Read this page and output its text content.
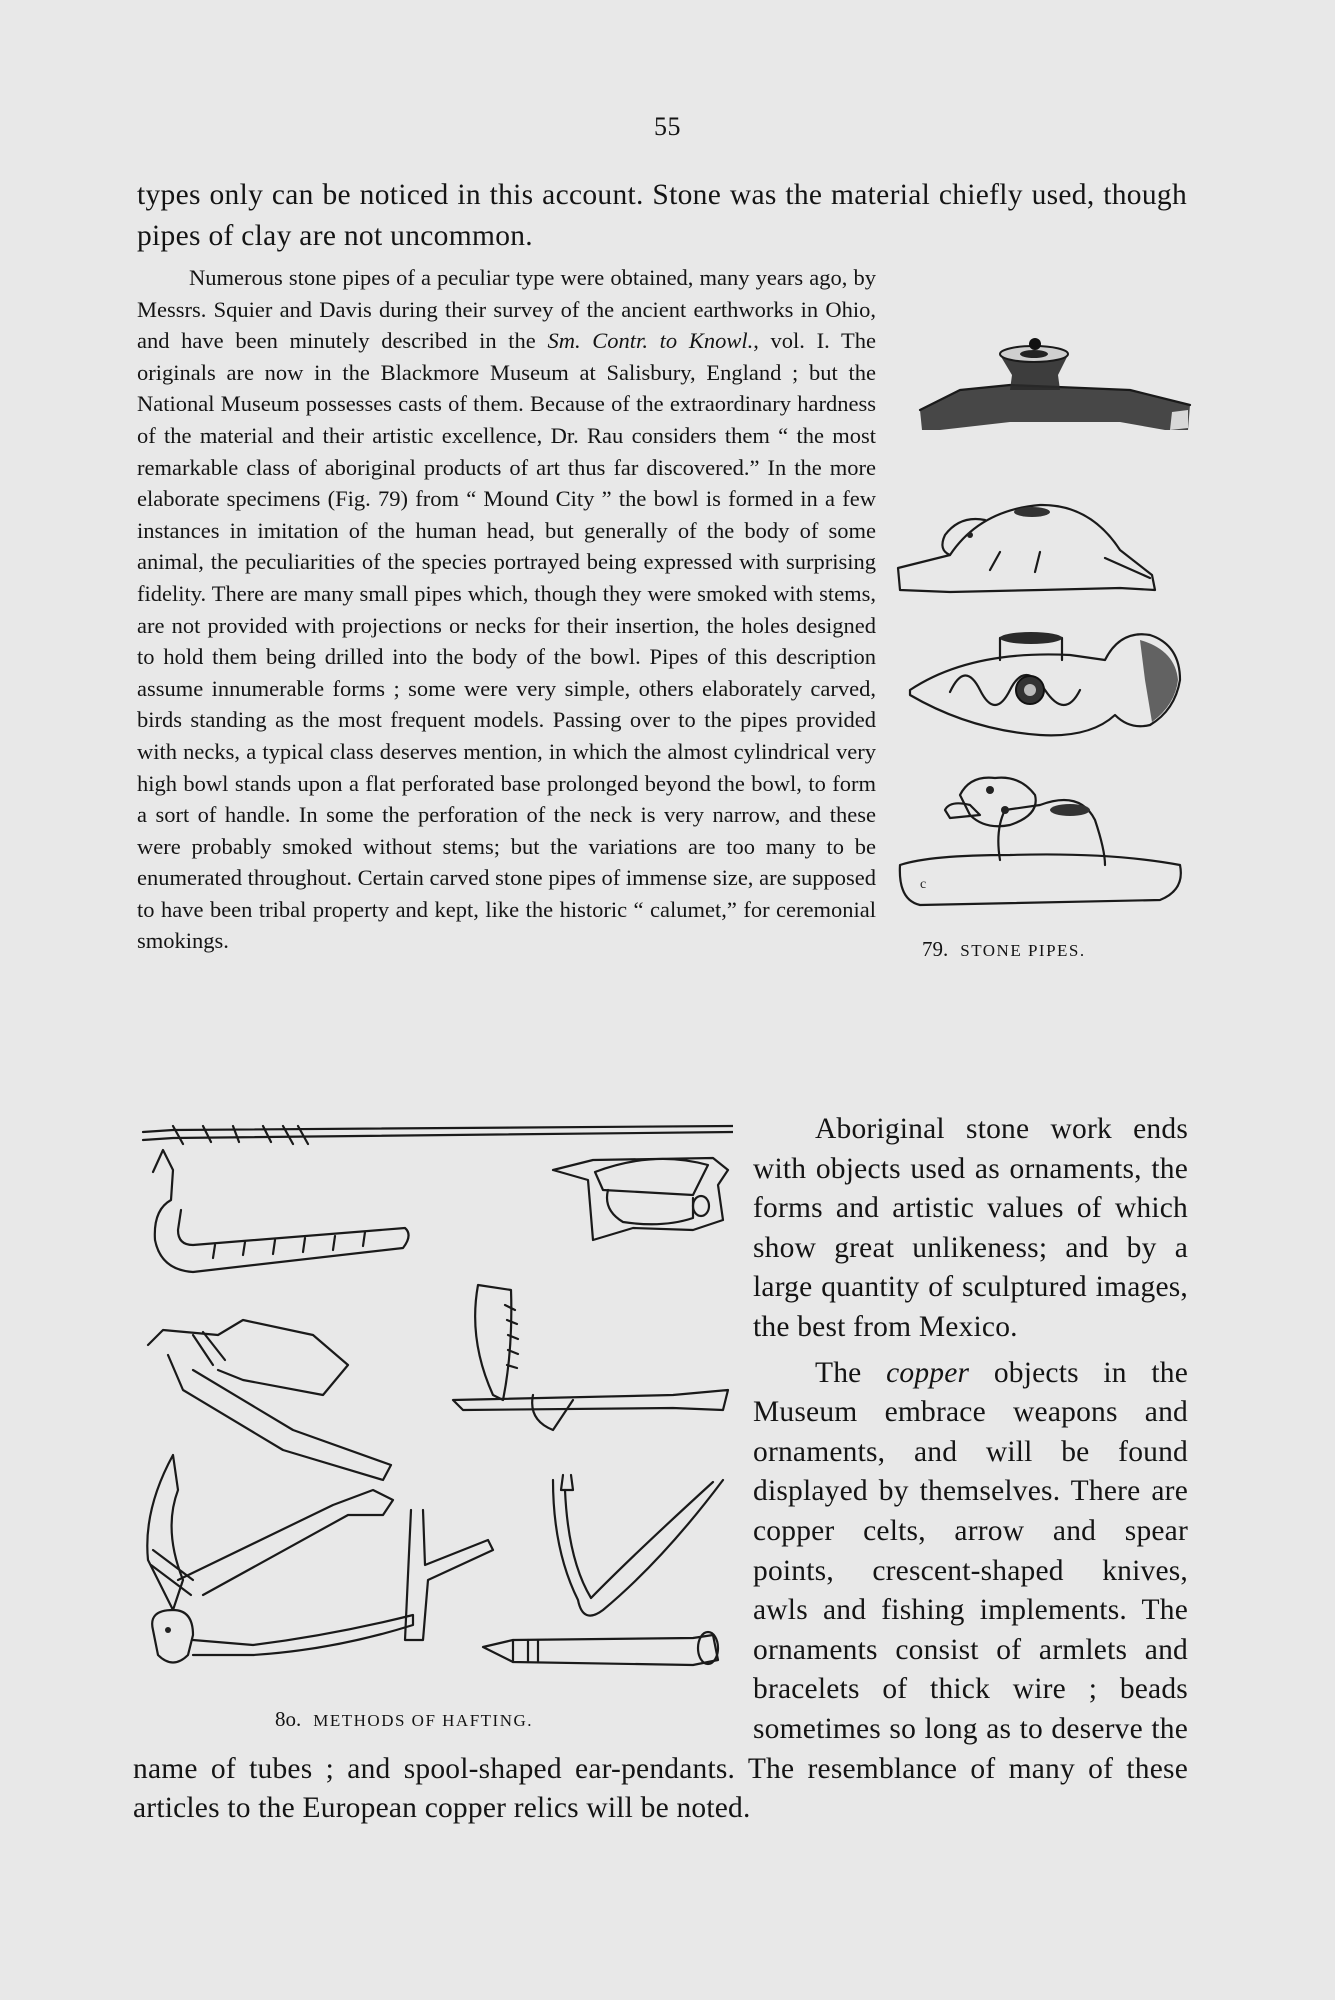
55
types only can be noticed in this account. Stone was the material chiefly used, though pipes of clay are not uncommon.
c
79. STONE PIPES.

Numerous stone pipes of a peculiar type were obtained, many years ago, by Messrs. Squier and Davis during their survey of the ancient earthworks in Ohio, and have been minutely described in the Sm. Contr. to Knowl., vol. I. The originals are now in the Blackmore Museum at Salisbury, England ; but the National Museum possesses casts of them. Because of the extraordinary hardness of the material and their artistic excellence, Dr. Rau considers them “ the most remarkable class of aboriginal products of art thus far discovered.” In the more elaborate specimens (Fig. 79) from “ Mound City ” the bowl is formed in a few instances in imitation of the human head, but generally of the body of some animal, the peculiarities of the species portrayed being expressed with surprising fidelity. There are many small pipes which, though they were smoked with stems, are not provided with projections or necks for their insertion, the holes designed to hold them being drilled into the body of the bowl. Pipes of this description assume innumerable forms ; some were very simple, others elaborately carved, birds standing as the most frequent models. Passing over to the pipes provided with necks, a typical class deserves mention, in which the almost cylindrical very high bowl stands upon a flat perforated base prolonged beyond the bowl, to form a sort of handle. In some the perforation of the neck is very narrow, and these were probably smoked without stems; but the variations are too many to be enumerated throughout. Certain carved stone pipes of immense size, are supposed to have been tribal property and kept, like the historic “ calumet,” for ceremonial smokings.

8o. METHODS OF HAFTING.

Aboriginal stone work ends with objects used as ornaments, the forms and artistic values of which show great unlikeness; and by a large quantity of sculptured images, the best from Mexico.

The copper objects in the Museum embrace weapons and ornaments, and will be found displayed by themselves. There are copper celts, arrow and spear points, crescent-shaped knives, awls and fishing implements. The ornaments consist of armlets and bracelets of thick wire ; beads sometimes so long as to deserve the name of tubes ; and spool-shaped ear-pendants. The resemblance of many of these articles to the European copper relics will be noted.
